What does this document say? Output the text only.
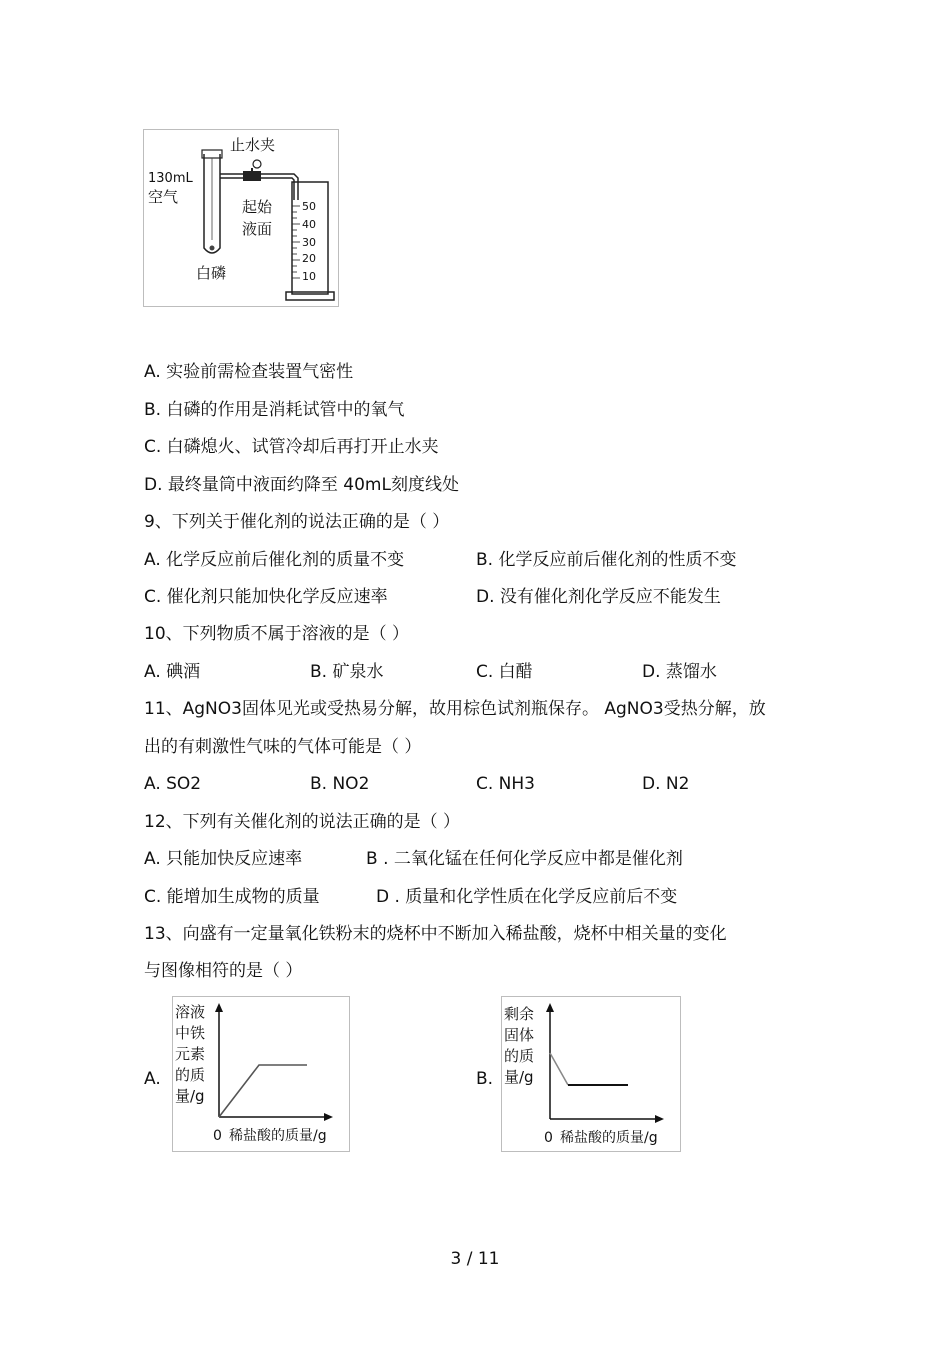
止水夹
130mL
空气
起始
液面
白磷
50
40
30
20
10
A. 实验前需检查装置气密性
B. 白磷的作用是消耗试管中的氧气
C. 白磷熄火、试管冷却后再打开止水夹
D. 最终量筒中液面约降至 40mL刻度线处
9、下列关于催化剂的说法正确的是（ ）
A. 化学反应前后催化剂的质量不变	B. 化学反应前后催化剂的性质不变
C. 催化剂只能加快化学反应速率	D. 没有催化剂化学反应不能发生
10、下列物质不属于溶液的是（ ）
A. 碘酒	B. 矿泉水	C. 白醋	D. 蒸馏水
11、AgNO3固体见光或受热易分解，故用棕色试剂瓶保存。 AgNO3受热分解，放
出的有刺激性气味的气体可能是（ ）
A. SO2	B. NO2	C. NH3	D. N2
12、下列有关催化剂的说法正确的是（ ）
A. 只能加快反应速率	B . 二氧化锰在任何化学反应中都是催化剂
C. 能增加生成物的质量	D . 质量和化学性质在化学反应前后不变
13、向盛有一定量氧化铁粉末的烧杯中不断加入稀盐酸，烧杯中相关量的变化
与图像相符的是（ ）
A.
溶液
中铁
元素
的质
量/g
0 稀盐酸的质量/g
B.
剩余
固体
的质
量/g
0 稀盐酸的质量/g
3 / 11
